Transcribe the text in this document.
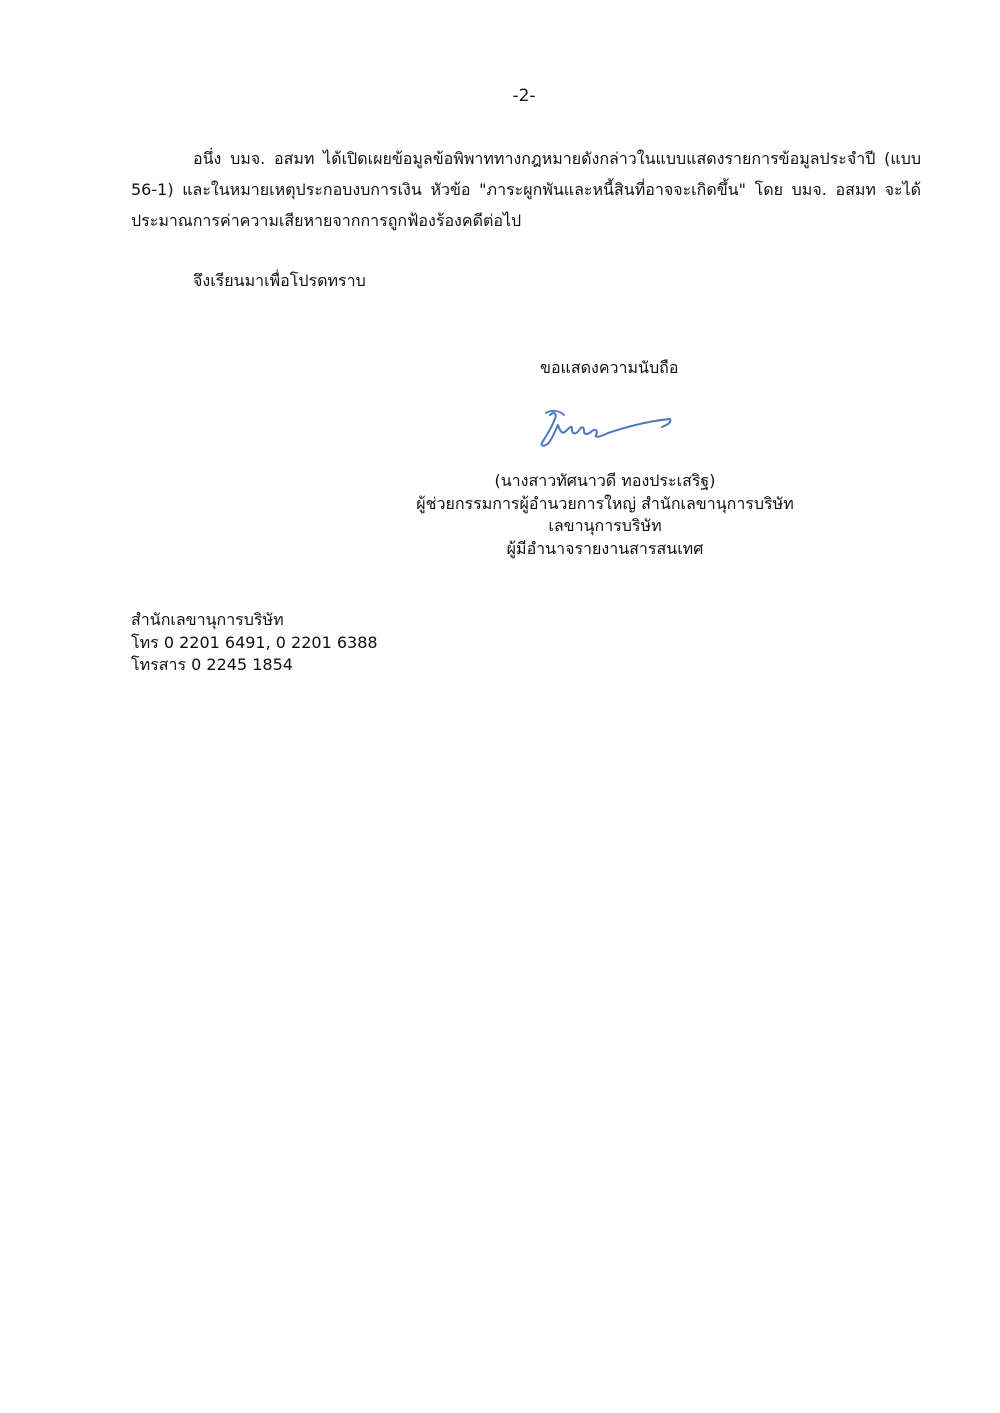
-2-

อนึ่ง บมจ. อสมท ได้เปิดเผยข้อมูลข้อพิพาททางกฎหมายดังกล่าวในแบบแสดงรายการข้อมูลประจำปี (แบบ 56-1) และในหมายเหตุประกอบงบการเงิน หัวข้อ "ภาระผูกพันและหนี้สินที่อาจจะเกิดขึ้น" โดย บมจ. อสมท จะได้ประมาณการค่าความเสียหายจากการถูกฟ้องร้องคดีต่อไป

จึงเรียนมาเพื่อโปรดทราบ

ขอแสดงความนับถือ
(นางสาวทัศนาวดี ทองประเสริฐ)
ผู้ช่วยกรรมการผู้อำนวยการใหญ่ สำนักเลขานุการบริษัท
เลขานุการบริษัท
ผู้มีอำนาจรายงานสารสนเทศ
สำนักเลขานุการบริษัท
โทร 0 2201 6491, 0 2201 6388
โทรสาร 0 2245 1854
